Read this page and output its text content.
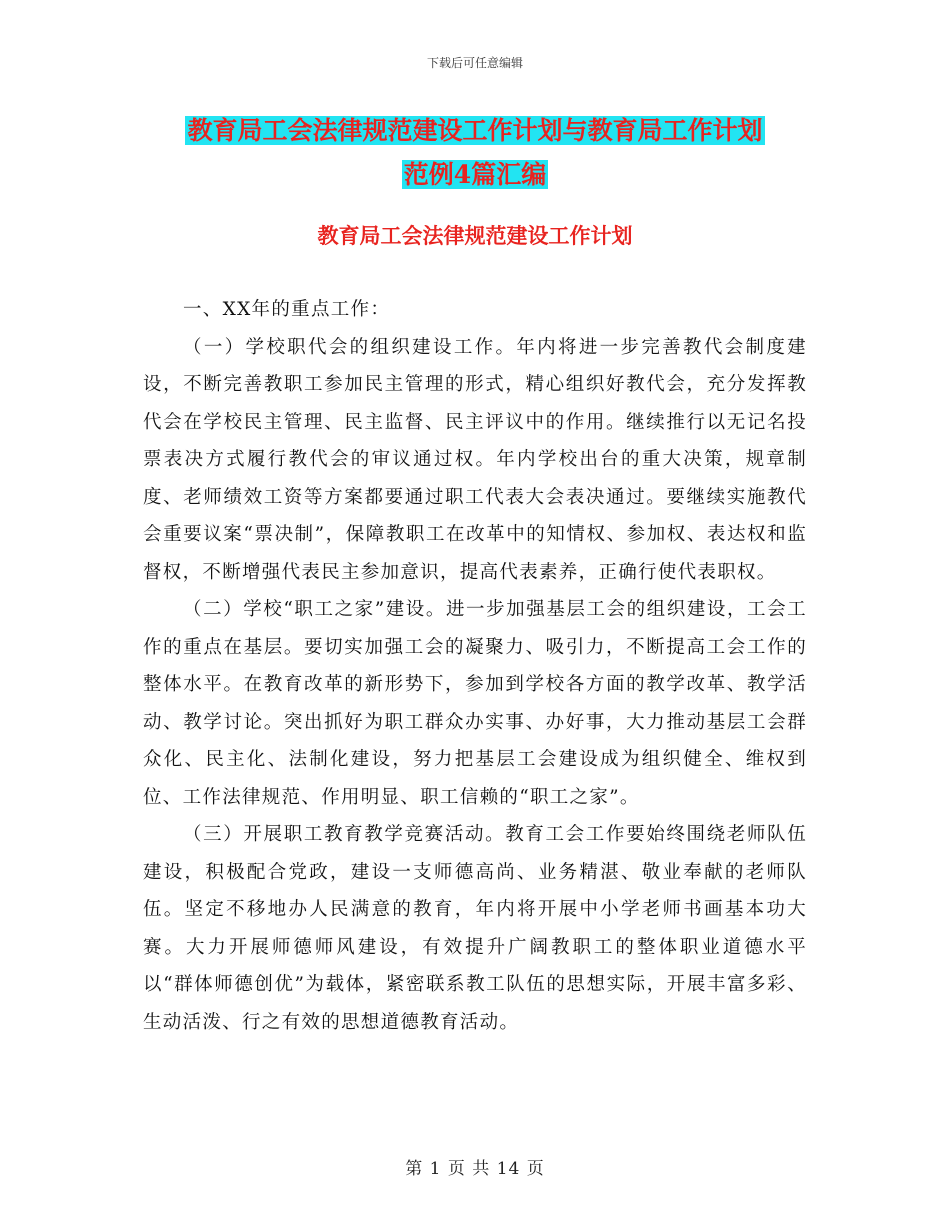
下载后可任意编辑
教育局工会法律规范建设工作计划与教育局工作计划
范例4篇汇编
教育局工会法律规范建设工作计划

一、XX年的重点工作：

（一）学校职代会的组织建设工作。年内将进一步完善教代会制度建设，不断完善教职工参加民主管理的形式，精心组织好教代会，充分发挥教代会在学校民主管理、民主监督、民主评议中的作用。继续推行以无记名投票表决方式履行教代会的审议通过权。年内学校出台的重大决策，规章制度、老师绩效工资等方案都要通过职工代表大会表决通过。要继续实施教代会重要议案“票决制”，保障教职工在改革中的知情权、参加权、表达权和监督权，不断增强代表民主参加意识，提高代表素养，正确行使代表职权。

（二）学校“职工之家”建设。进一步加强基层工会的组织建设，工会工作的重点在基层。要切实加强工会的凝聚力、吸引力，不断提高工会工作的整体水平。在教育改革的新形势下，参加到学校各方面的教学改革、教学活动、教学讨论。突出抓好为职工群众办实事、办好事，大力推动基层工会群众化、民主化、法制化建设，努力把基层工会建设成为组织健全、维权到位、工作法律规范、作用明显、职工信赖的“职工之家”。

（三）开展职工教育教学竞赛活动。教育工会工作要始终围绕老师队伍建设，积极配合党政，建设一支师德高尚、业务精湛、敬业奉献的老师队伍。坚定不移地办人民满意的教育，年内将开展中小学老师书画基本功大赛。大力开展师德师风建设，有效提升广阔教职工的整体职业道德水平以“群体师德创优”为载体，紧密联系教工队伍的思想实际，开展丰富多彩、生动活泼、行之有效的思想道德教育活动。

第 1 页 共 14 页
